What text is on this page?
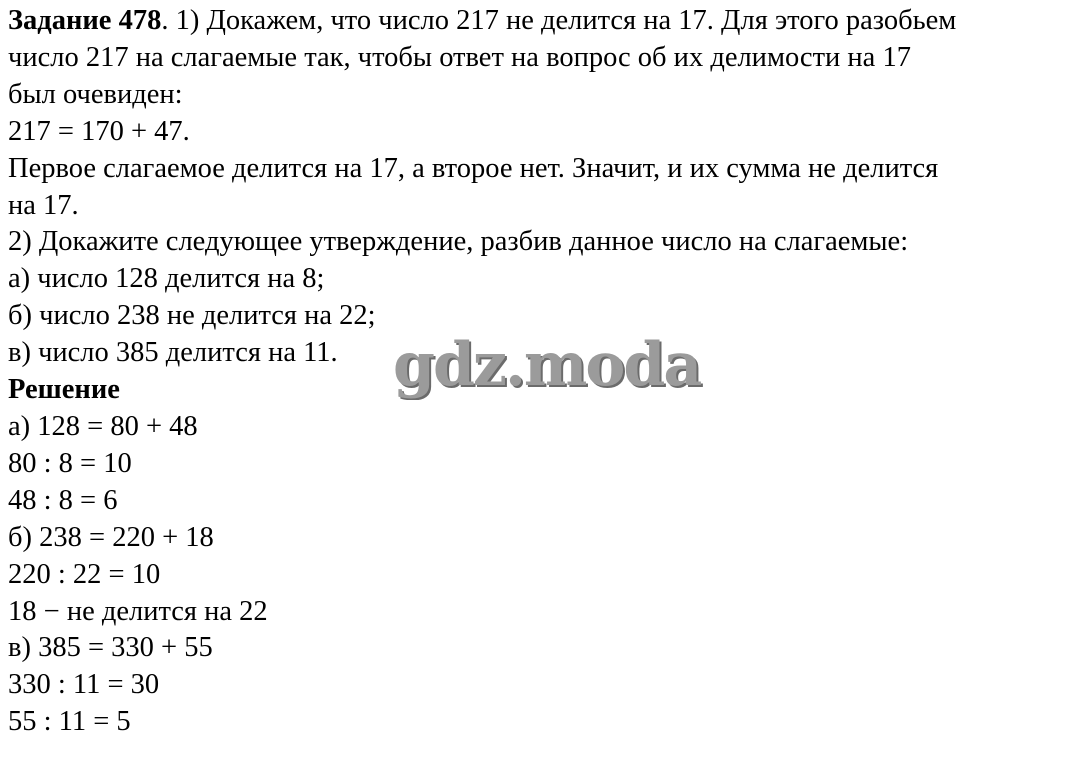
Задание 478. 1) Докажем, что число 217 не делится на 17. Для этого разобьем
число 217 на слагаемые так, чтобы ответ на вопрос об их делимости на 17
был очевиден:
217 = 170 + 47.
Первое слагаемое делится на 17, а второе нет. Значит, и их сумма не делится
на 17.
2) Докажите следующее утверждение, разбив данное число на слагаемые:
а) число 128 делится на 8;
б) число 238 не делится на 22;
в) число 385 делится на 11.
Решение
а) 128 = 80 + 48
80 : 8 = 10
48 : 8 = 6
б) 238 = 220 + 18
220 : 22 = 10
18 − не делится на 22
в) 385 = 330 + 55
330 : 11 = 30
55 : 11 = 5
gdz.moda
